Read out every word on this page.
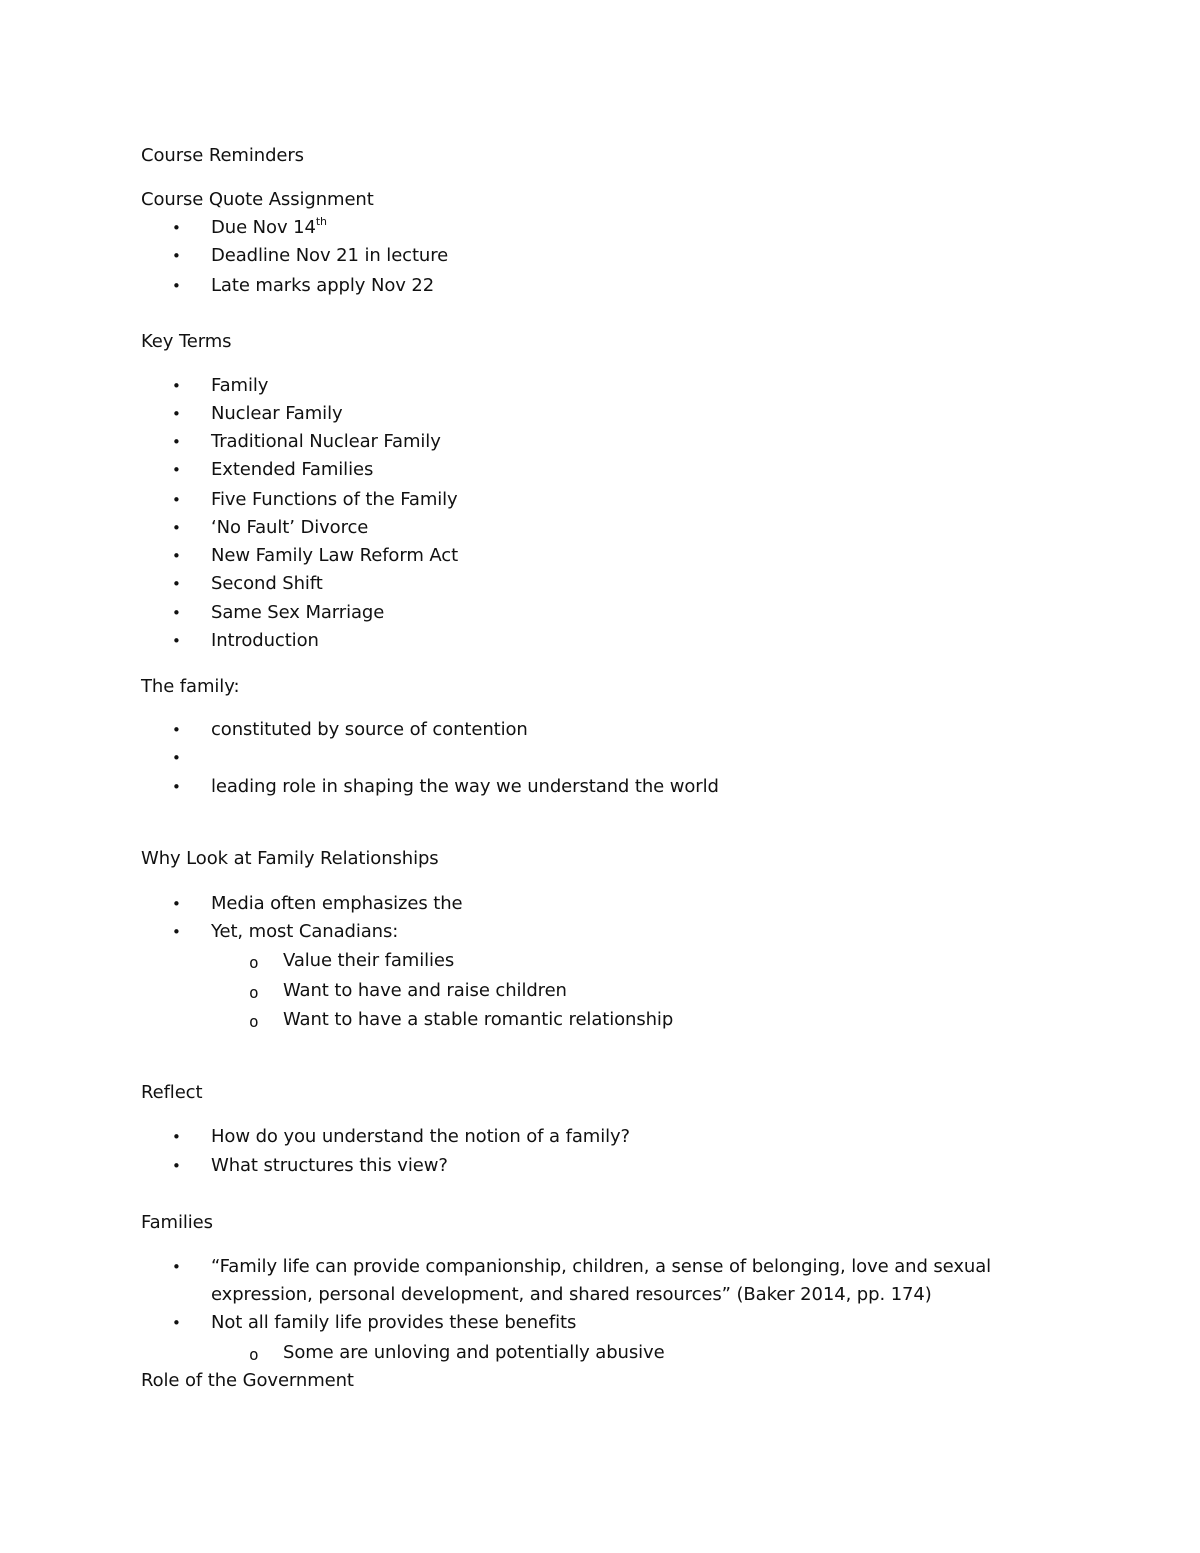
Course Reminders
Course Quote Assignment
• Due Nov 14th
• Deadline Nov 21 in lecture
• Late marks apply Nov 22
Key Terms
• Family
• Nuclear Family
• Traditional Nuclear Family
• Extended Families
• Five Functions of the Family
• ‘No Fault’ Divorce
• New Family Law Reform Act
• Second Shift
• Same Sex Marriage
• Introduction
The family:
• constituted by source of contention
•
• leading role in shaping the way we understand the world
Why Look at Family Relationships
• Media often emphasizes the
• Yet, most Canadians:
o Value their families
o Want to have and raise children
o Want to have a stable romantic relationship
Reflect
• How do you understand the notion of a family?
• What structures this view?
Families
• “Family life can provide companionship, children, a sense of belonging, love and sexual
expression, personal development, and shared resources” (Baker 2014, pp. 174)
• Not all family life provides these benefits
o Some are unloving and potentially abusive
Role of the Government
